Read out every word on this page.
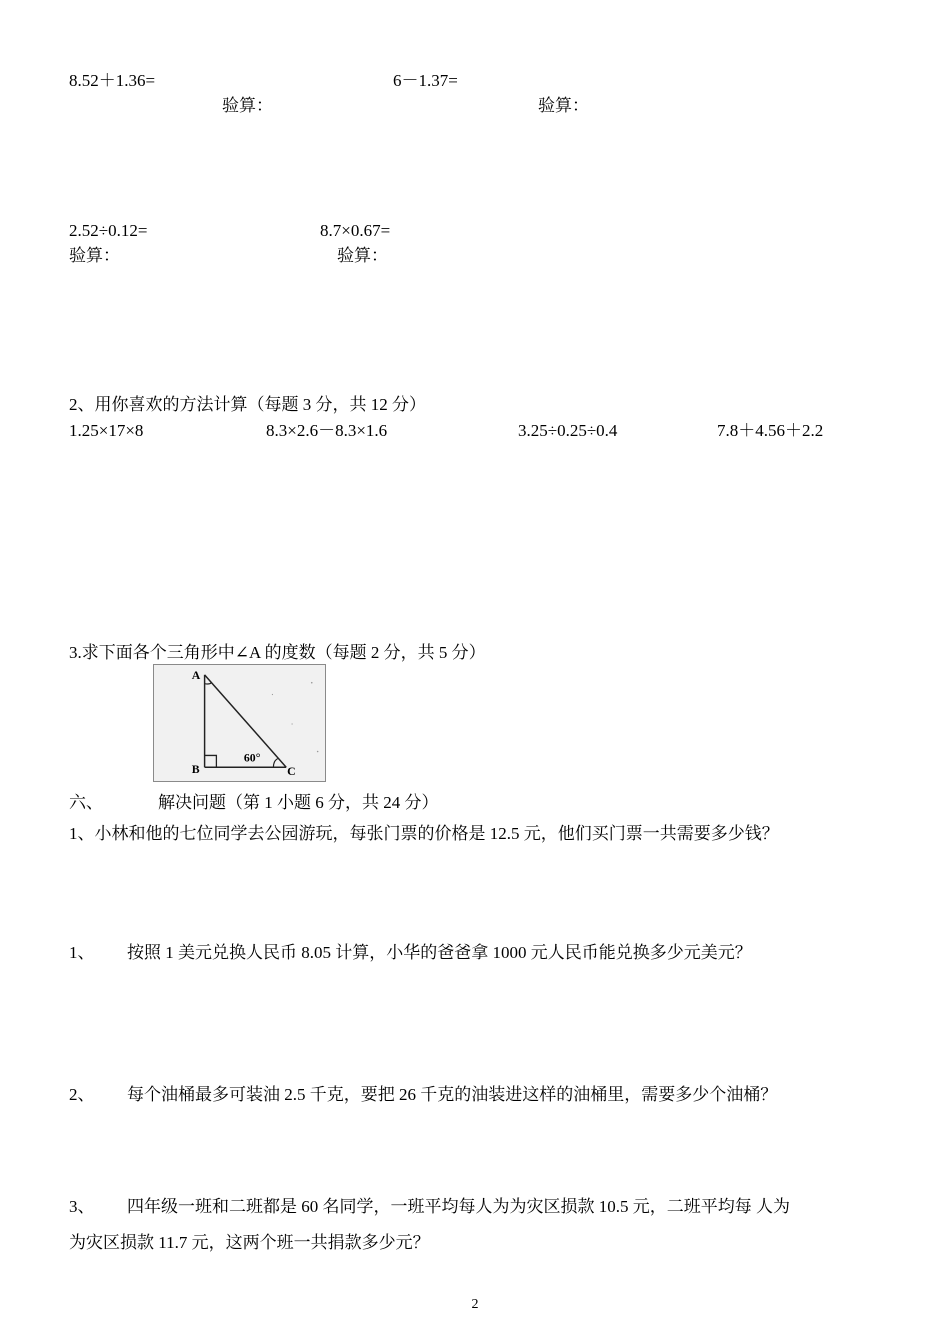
8.52＋1.36=	6－1.37=
验算：	验算：
2.52÷0.12=	8.7×0.67=
验算：	验算：
2、用你喜欢的方法计算（每题 3 分，共 12 分）
1.25×17×8	8.3×2.6－8.3×1.6	3.25÷0.25÷0.4	7.8＋4.56＋2.2
3.求下面各个三角形中∠A 的度数（每题 2 分，共 5 分）
A
B	C
60°
六、	解决问题（第 1 小题 6 分，共 24 分）
1、小林和他的七位同学去公园游玩，每张门票的价格是 12.5 元，他们买门票一共需要多少钱？
1、 按照 1 美元兑换人民币 8.05 计算，小华的爸爸拿 1000 元人民币能兑换多少元美元？
2、 每个油桶最多可装油 2.5 千克，要把 26 千克的油装进这样的油桶里，需要多少个油桶？
3、 四年级一班和二班都是 60 名同学，一班平均每人为为灾区损款 10.5 元，二班平均每 人为
为灾区损款 11.7 元，这两个班一共捐款多少元？
2
